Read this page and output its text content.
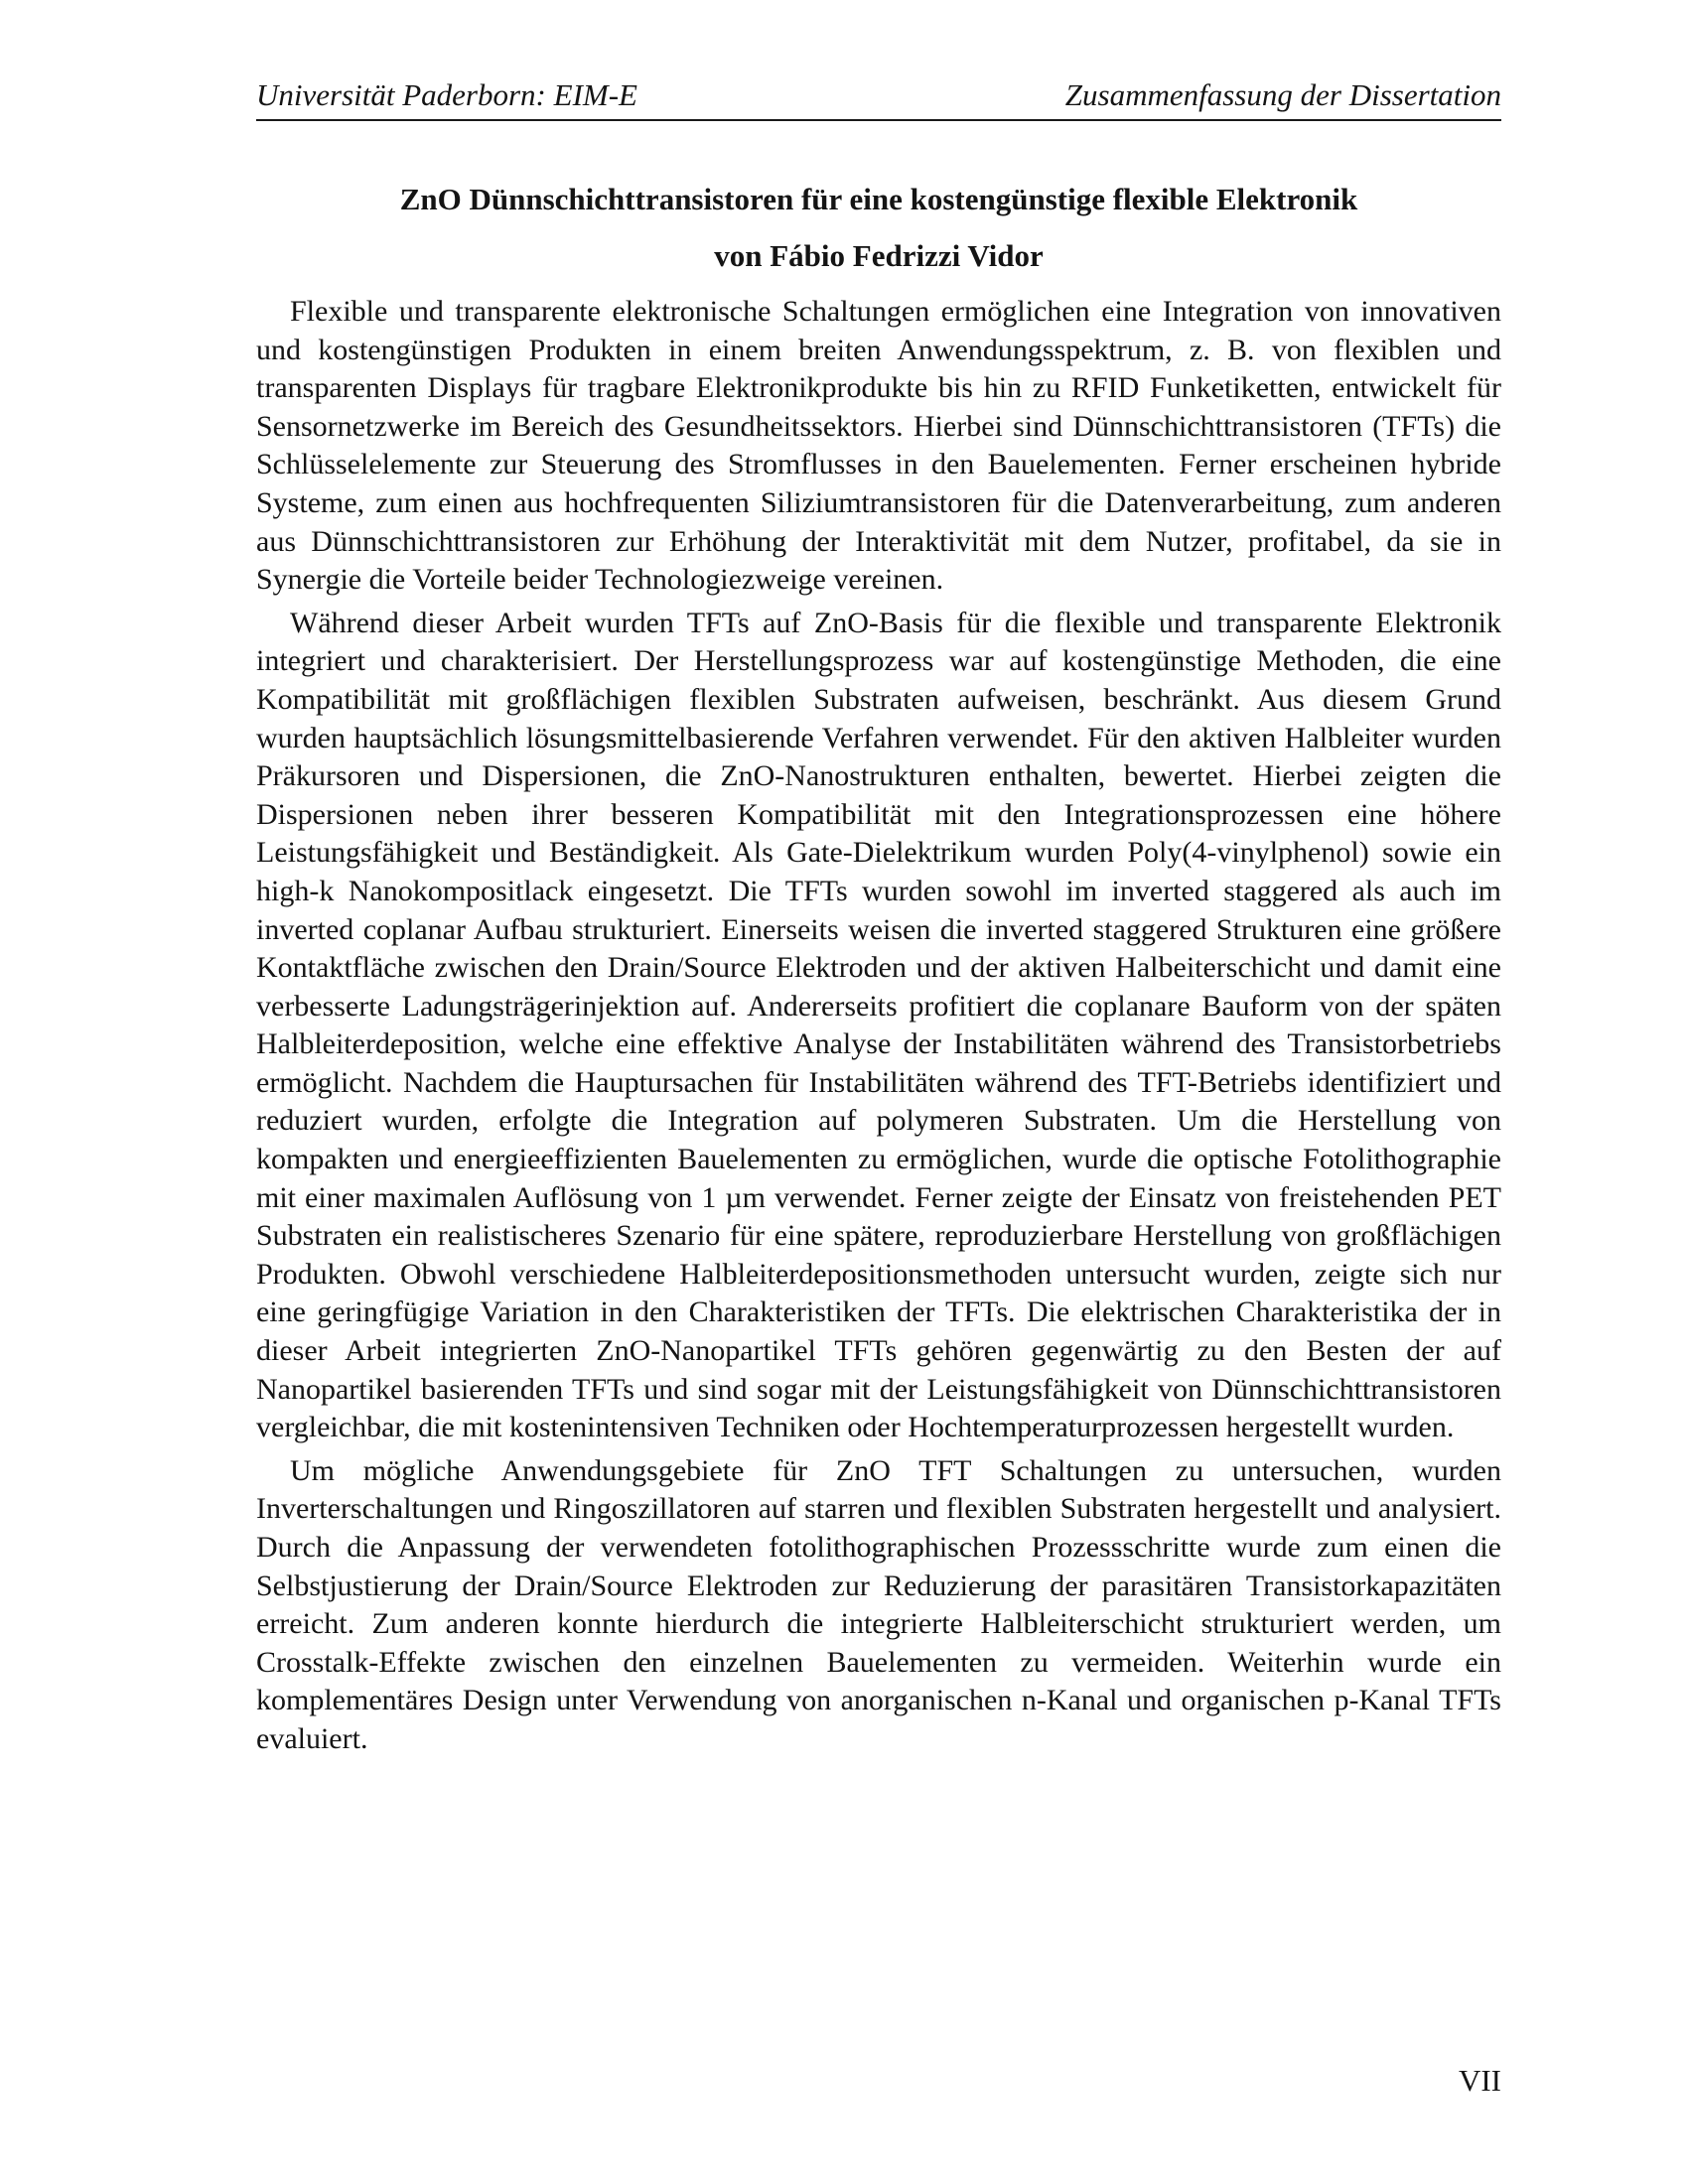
Universität Paderborn: EIM-E	Zusammenfassung der Dissertation
ZnO Dünnschichttransistoren für eine kostengünstige flexible Elektronik
von Fábio Fedrizzi Vidor

Flexible und transparente elektronische Schaltungen ermöglichen eine Integration von innovativen und kostengünstigen Produkten in einem breiten Anwendungsspektrum, z. B. von flexiblen und transparenten Displays für tragbare Elektronikprodukte bis hin zu RFID Funketiketten, entwickelt für Sensornetzwerke im Bereich des Gesundheitssektors. Hierbei sind Dünnschichttransistoren (TFTs) die Schlüsselelemente zur Steuerung des Stromflusses in den Bauelementen. Ferner erscheinen hybride Systeme, zum einen aus hochfrequenten Siliziumtransistoren für die Datenverarbeitung, zum anderen aus Dünnschichttransistoren zur Erhöhung der Interaktivität mit dem Nutzer, profitabel, da sie in Synergie die Vorteile beider Technologiezweige vereinen.

Während dieser Arbeit wurden TFTs auf ZnO-Basis für die flexible und transparente Elektronik integriert und charakterisiert. Der Herstellungsprozess war auf kostengünstige Methoden, die eine Kompatibilität mit großflächigen flexiblen Substraten aufweisen, beschränkt. Aus diesem Grund wurden hauptsächlich lösungsmittelbasierende Verfahren verwendet. Für den aktiven Halbleiter wurden Präkursoren und Dispersionen, die ZnO-Nanostrukturen enthalten, bewertet. Hierbei zeigten die Dispersionen neben ihrer besseren Kompatibilität mit den Integrationsprozessen eine höhere Leistungsfähigkeit und Beständigkeit. Als Gate-Dielektrikum wurden Poly(4-vinylphenol) sowie ein high-k Nanokompositlack eingesetzt. Die TFTs wurden sowohl im inverted staggered als auch im inverted coplanar Aufbau strukturiert. Einerseits weisen die inverted staggered Strukturen eine größere Kontaktfläche zwischen den Drain/Source Elektroden und der aktiven Halbeiterschicht und damit eine verbesserte Ladungsträgerinjektion auf. Andererseits profitiert die coplanare Bauform von der späten Halbleiterdeposition, welche eine effektive Analyse der Instabilitäten während des Transistorbetriebs ermöglicht. Nachdem die Hauptursachen für Instabilitäten während des TFT-Betriebs identifiziert und reduziert wurden, erfolgte die Integration auf polymeren Substraten. Um die Herstellung von kompakten und energieeffizienten Bauelementen zu ermöglichen, wurde die optische Fotolithographie mit einer maximalen Auflösung von 1 µm verwendet. Ferner zeigte der Einsatz von freistehenden PET Substraten ein realistischeres Szenario für eine spätere, reproduzierbare Herstellung von großflächigen Produkten. Obwohl verschiedene Halbleiterdepositionsmethoden untersucht wurden, zeigte sich nur eine geringfügige Variation in den Charakteristiken der TFTs. Die elektrischen Charakteristika der in dieser Arbeit integrierten ZnO-Nanopartikel TFTs gehören gegenwärtig zu den Besten der auf Nanopartikel basierenden TFTs und sind sogar mit der Leistungsfähigkeit von Dünnschichttransistoren vergleichbar, die mit kostenintensiven Techniken oder Hochtemperaturprozessen hergestellt wurden.

Um mögliche Anwendungsgebiete für ZnO TFT Schaltungen zu untersuchen, wurden Inverterschaltungen und Ringoszillatoren auf starren und flexiblen Substraten hergestellt und analysiert. Durch die Anpassung der verwendeten fotolithographischen Prozessschritte wurde zum einen die Selbstjustierung der Drain/Source Elektroden zur Reduzierung der parasitären Transistorkapazitäten erreicht. Zum anderen konnte hierdurch die integrierte Halbleiterschicht strukturiert werden, um Crosstalk-Effekte zwischen den einzelnen Bauelementen zu vermeiden. Weiterhin wurde ein komplementäres Design unter Verwendung von anorganischen n-Kanal und organischen p-Kanal TFTs evaluiert.

VII
